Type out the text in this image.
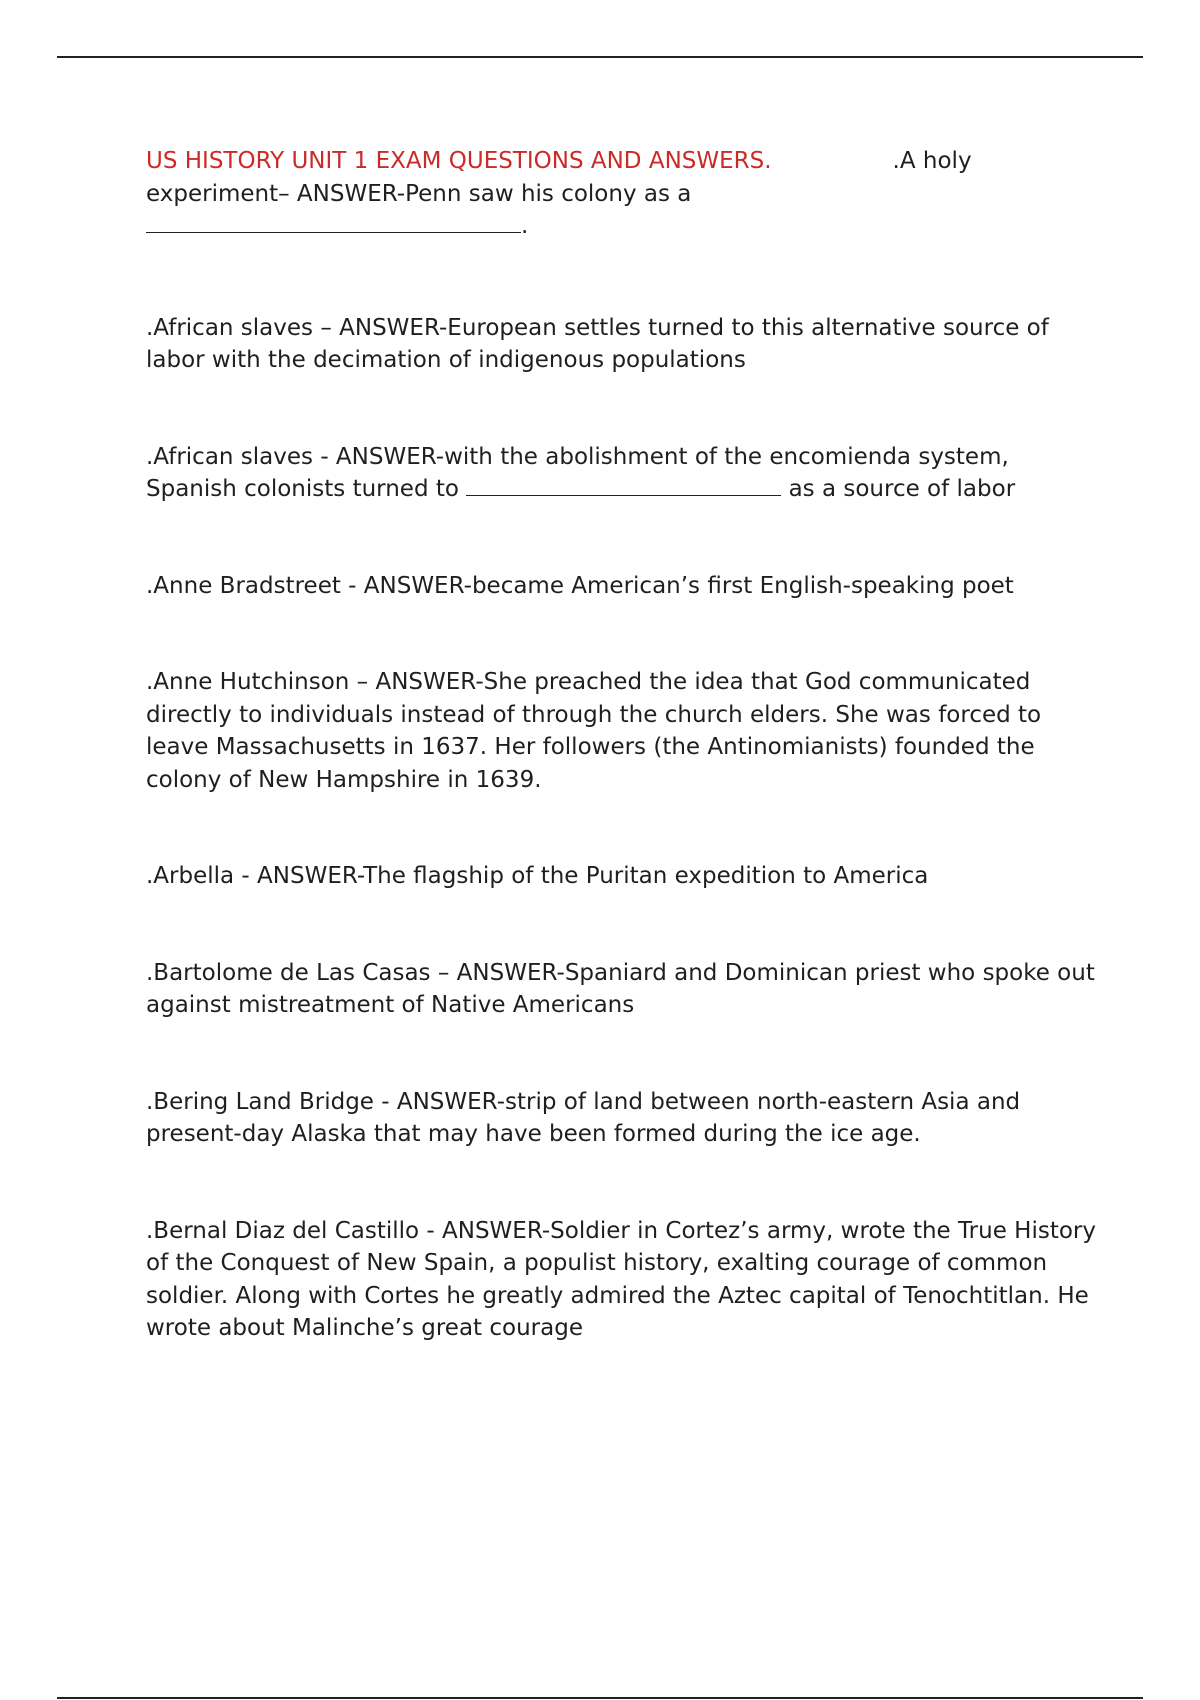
US HISTORY UNIT 1 EXAM QUESTIONS AND ANSWERS.	.A holy
experiment– ANSWER-Penn saw his colony as a
.

.African slaves – ANSWER-European settles turned to this alternative source of labor with the decimation of indigenous populations

.African slaves - ANSWER-with the abolishment of the encomienda system, Spanish colonists turned to	as a source of labor

.Anne Bradstreet - ANSWER-became American’s first English-speaking poet

.Anne Hutchinson – ANSWER-She preached the idea that God communicated directly to individuals instead of through the church elders. She was forced to leave Massachusetts in 1637. Her followers (the Antinomianists) founded the colony of New Hampshire in 1639.

.Arbella - ANSWER-The flagship of the Puritan expedition to America

.Bartolome de Las Casas – ANSWER-Spaniard and Dominican priest who spoke out against mistreatment of Native Americans

.Bering Land Bridge - ANSWER-strip of land between north-eastern Asia and present-day Alaska that may have been formed during the ice age.

.Bernal Diaz del Castillo - ANSWER-Soldier in Cortez’s army, wrote the True History of the Conquest of New Spain, a populist history, exalting courage of common soldier. Along with Cortes he greatly admired the Aztec capital of Tenochtitlan. He wrote about Malinche’s great courage
